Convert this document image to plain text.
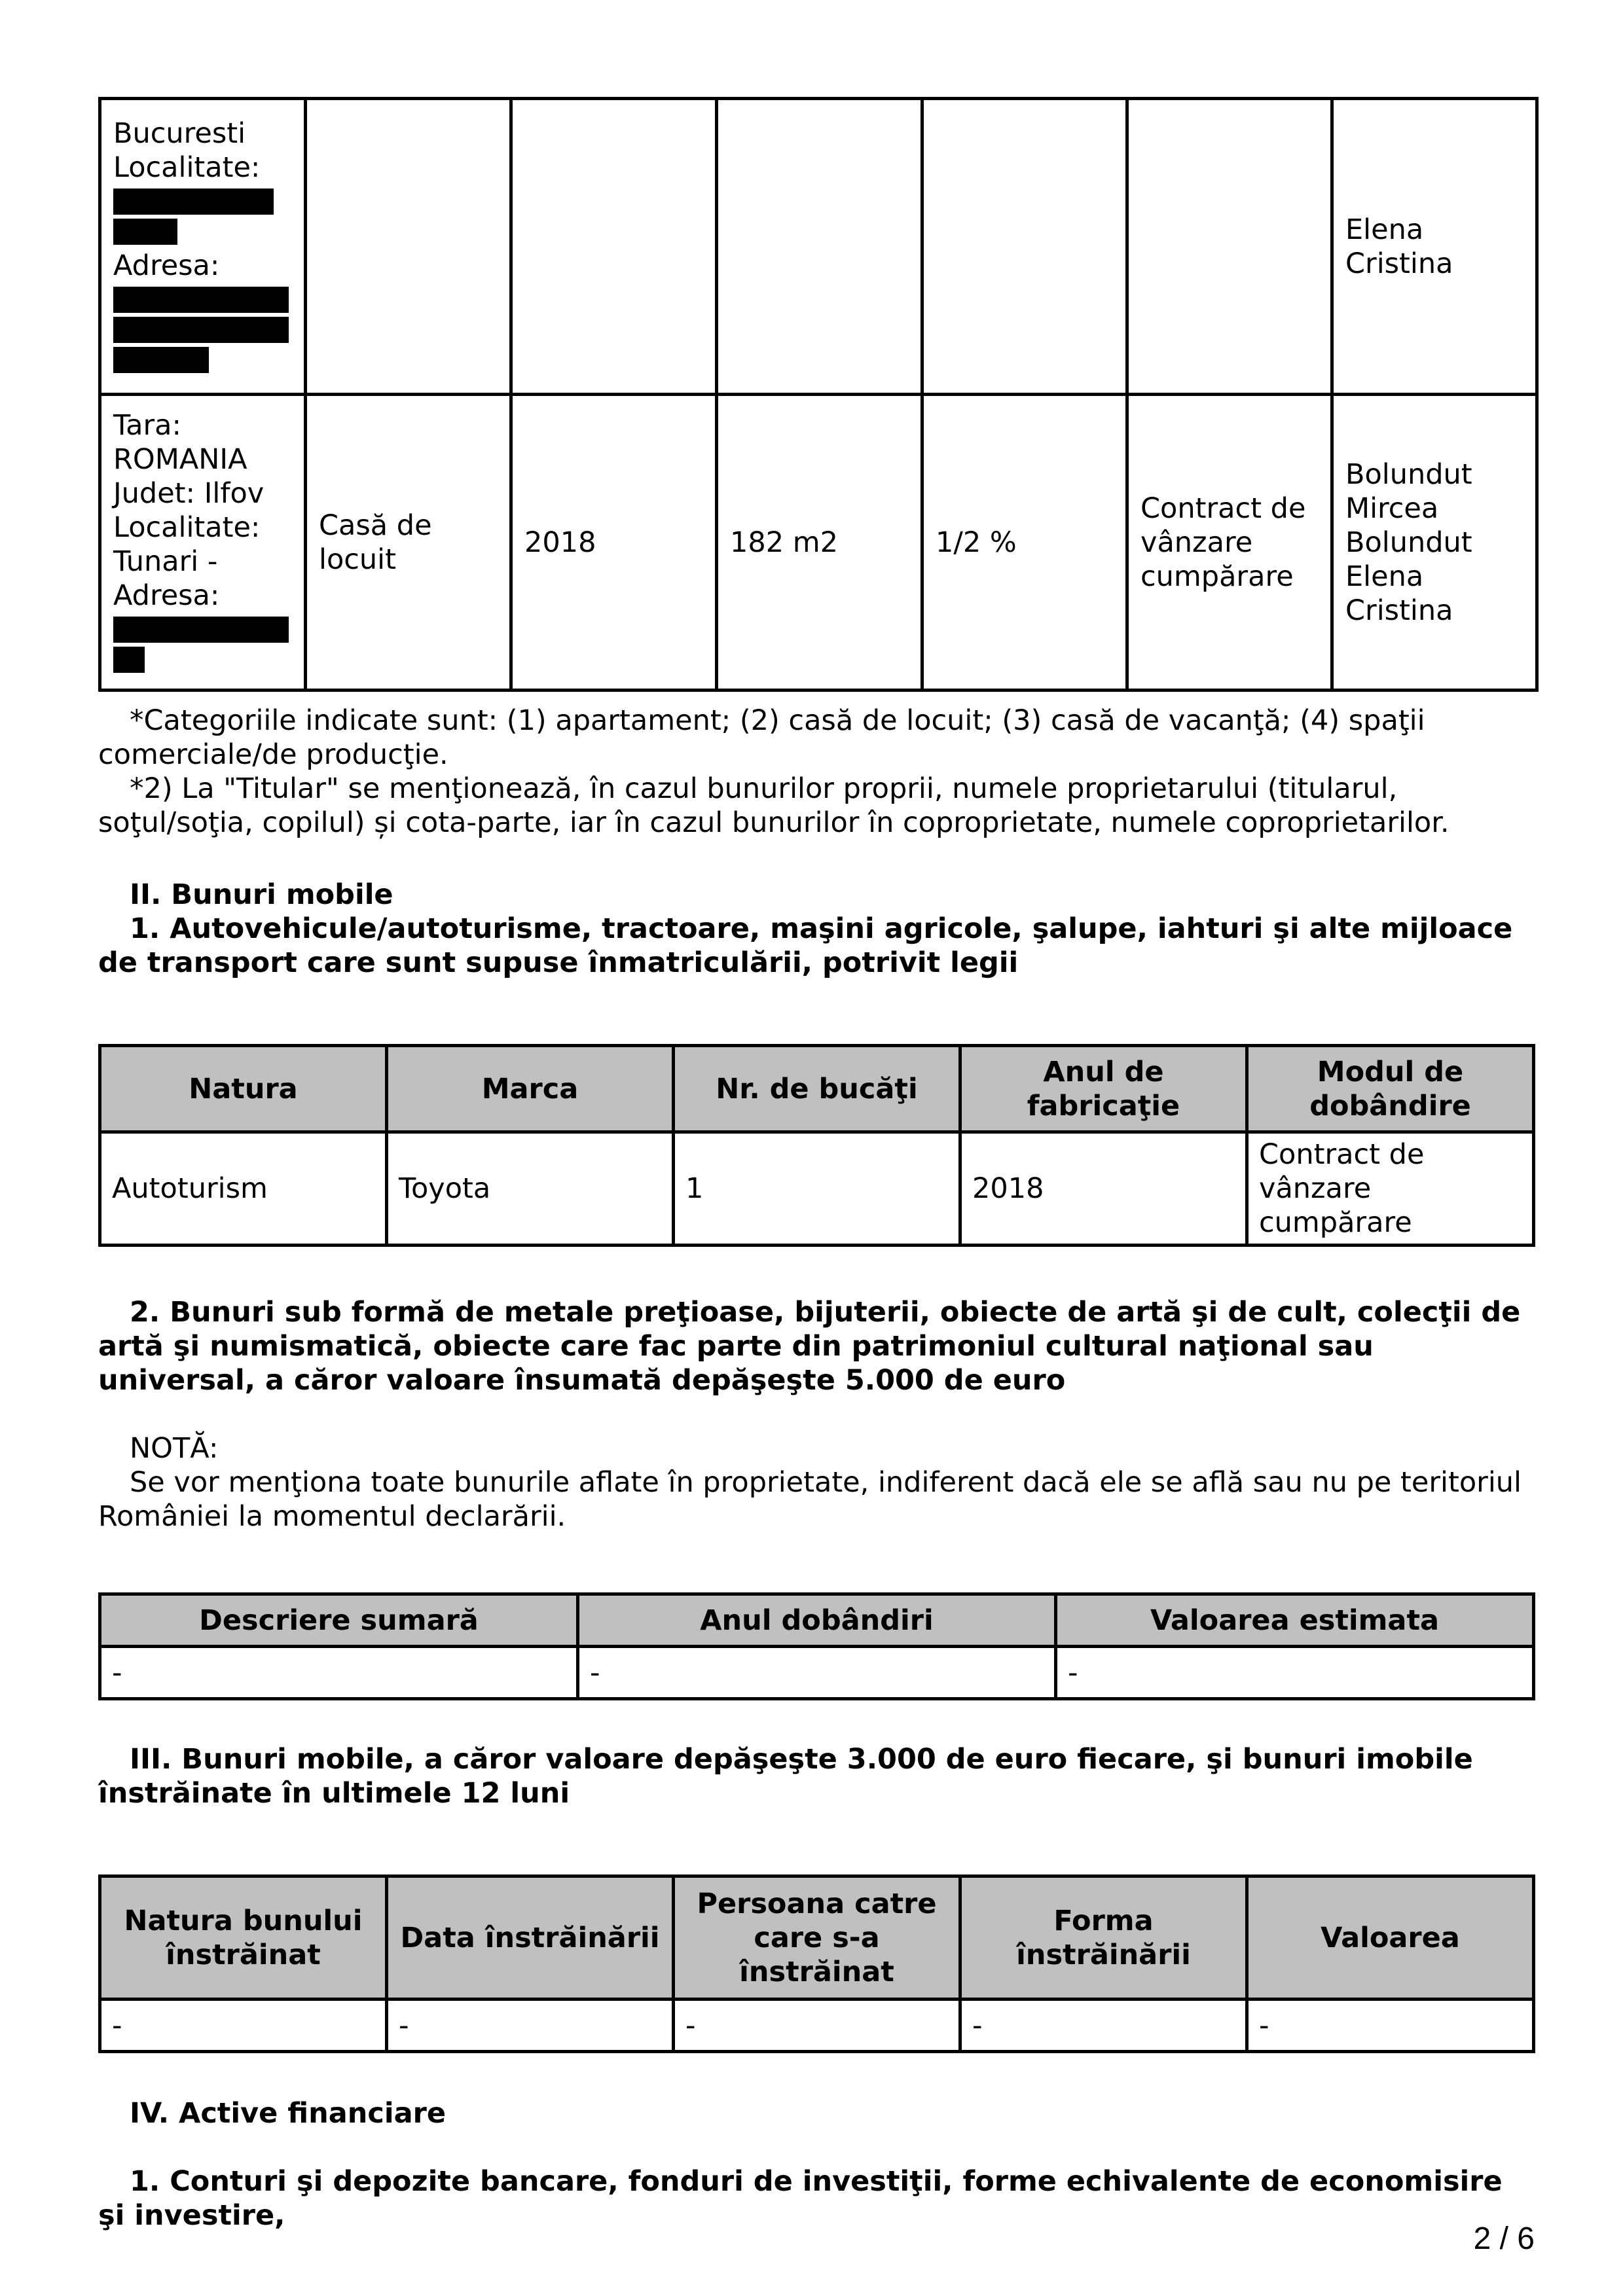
Bucuresti
Localitate:
Adresa:						Elena Cristina

Tara: ROMANIA
Judet: Ilfov
Localitate: Tunari -
Adresa:	Casă de locuit	2018	182 m2	1/2 %	Contract de vânzare cumpărare	Bolundut Mircea Bolundut Elena Cristina

*Categoriile indicate sunt: (1) apartament; (2) casă de locuit; (3) casă de vacanţă; (4) spaţii comerciale/de producţie.

*2) La "Titular" se menţionează, în cazul bunurilor proprii, numele proprietarului (titularul, soţul/soţia, copilul) și cota-parte, iar în cazul bunurilor în coproprietate, numele coproprietarilor.

II. Bunuri mobile

1. Autovehicule/autoturisme, tractoare, maşini agricole, şalupe, iahturi şi alte mijloace de transport care sunt supuse înmatriculării, potrivit legii

Natura	Marca	Nr. de bucăţi	Anul de fabricaţie	Modul de dobândire
Autoturism	Toyota	1	2018	Contract de vânzare cumpărare

2. Bunuri sub formă de metale preţioase, bijuterii, obiecte de artă şi de cult, colecţii de artă şi numismatică, obiecte care fac parte din patrimoniul cultural naţional sau universal, a căror valoare însumată depăşeşte 5.000 de euro

NOTĂ:

Se vor menţiona toate bunurile aflate în proprietate, indiferent dacă ele se află sau nu pe teritoriul României la momentul declarării.

Descriere sumară	Anul dobândiri	Valoarea estimata
-	-	-

III. Bunuri mobile, a căror valoare depăşeşte 3.000 de euro fiecare, şi bunuri imobile înstrăinate în ultimele 12 luni

Natura bunului înstrăinat	Data înstrăinării	Persoana catre care s-a înstrăinat	Forma înstrăinării	Valoarea
-	-	-	-	-

IV. Active financiare

1. Conturi şi depozite bancare, fonduri de investiţii, forme echivalente de economisire şi investire,

2 / 6
